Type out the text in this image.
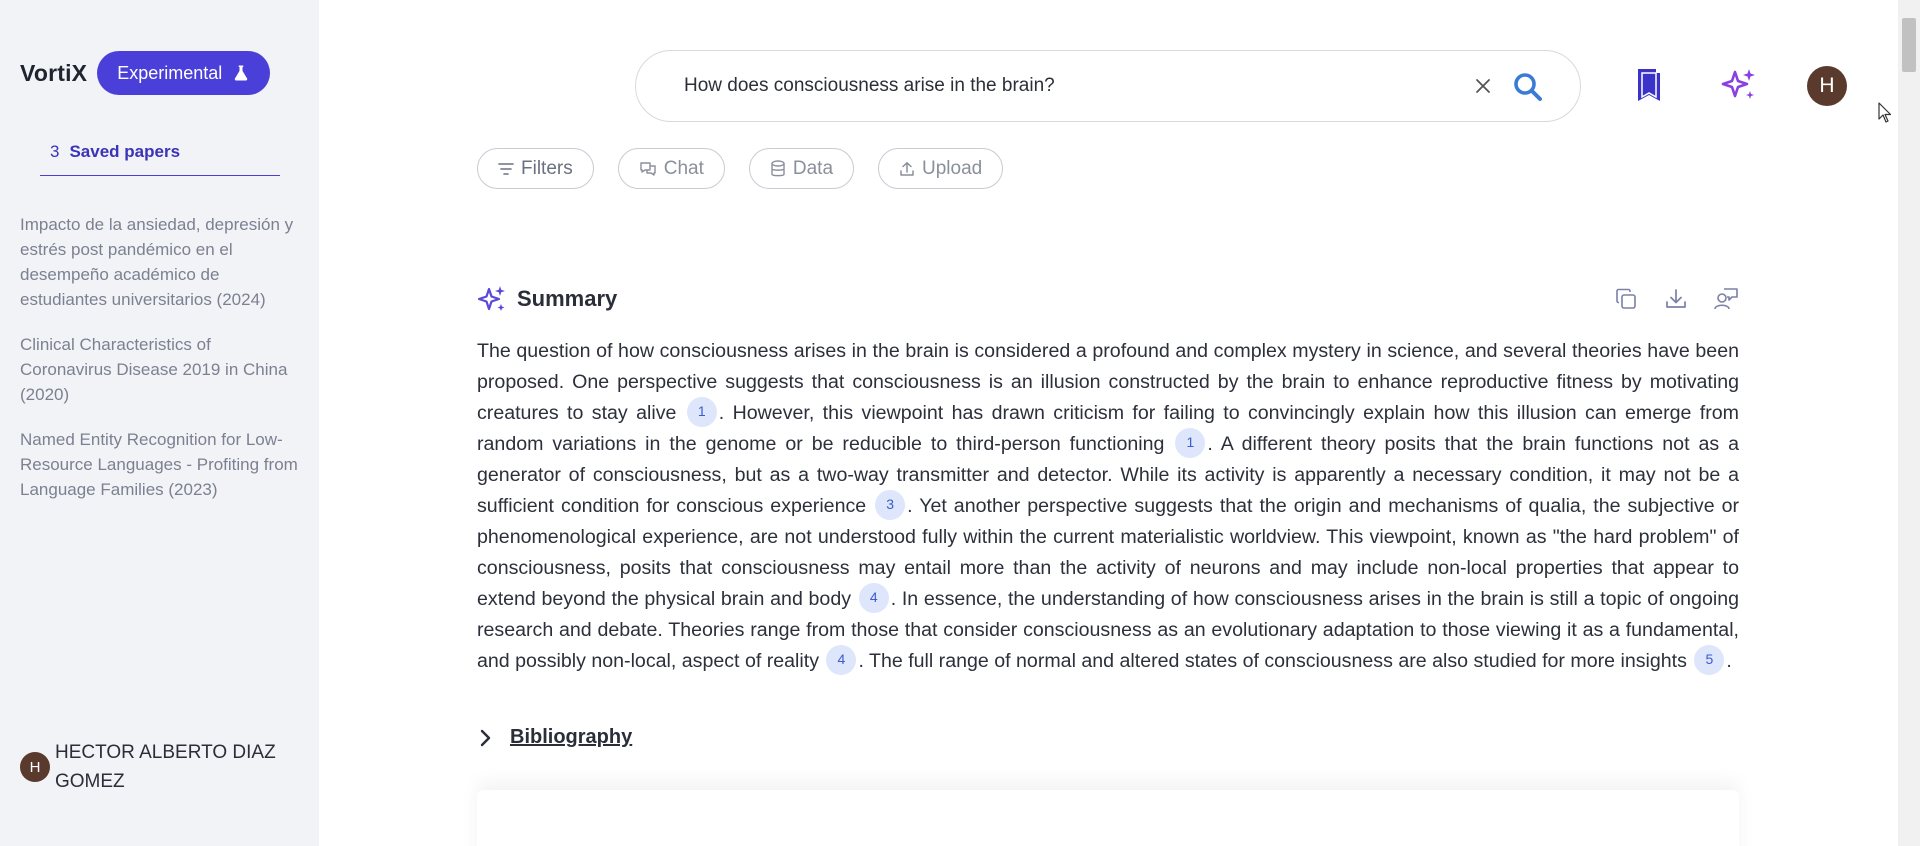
VortiX Experimental
3 Saved papers
Impacto de la ansiedad, depresión y estrés post pandémico en el desempeño académico de estudiantes universitarios (2024)
Clinical Characteristics of Coronavirus Disease 2019 in China (2020)
Named Entity Recognition for Low-Resource Languages - Profiting from Language Families (2023)
H
HECTOR ALBERTO DIAZ GOMEZ
How does consciousness arise in the brain?	H
Filters	Chat	Data	Upload
Summary

The question of how consciousness arises in the brain is considered a profound and complex mystery in science, and several theories have been proposed. One perspective suggests that consciousness is an illusion constructed by the brain to enhance reproductive fitness by motivating creatures to stay alive 1 . However, this viewpoint has drawn criticism for failing to convincingly explain how this illusion can emerge from random variations in the genome or be reducible to third-person functioning 1 . A different theory posits that the brain functions not as a generator of consciousness, but as a two-way transmitter and detector. While its activity is apparently a necessary condition, it may not be a sufficient condition for conscious experience 3 . Yet another perspective suggests that the origin and mechanisms of qualia, the subjective or phenomenological experience, are not understood fully within the current materialistic worldview. This viewpoint, known as "the hard problem" of consciousness, posits that consciousness may entail more than the activity of neurons and may include non-local properties that appear to extend beyond the physical brain and body 4 . In essence, the understanding of how consciousness arises in the brain is still a topic of ongoing research and debate. Theories range from those that consider consciousness as an evolutionary adaptation to those viewing it as a fundamental, and possibly non-local, aspect of reality 4 . The full range of normal and altered states of consciousness are also studied for more insights 5 .

Bibliography
